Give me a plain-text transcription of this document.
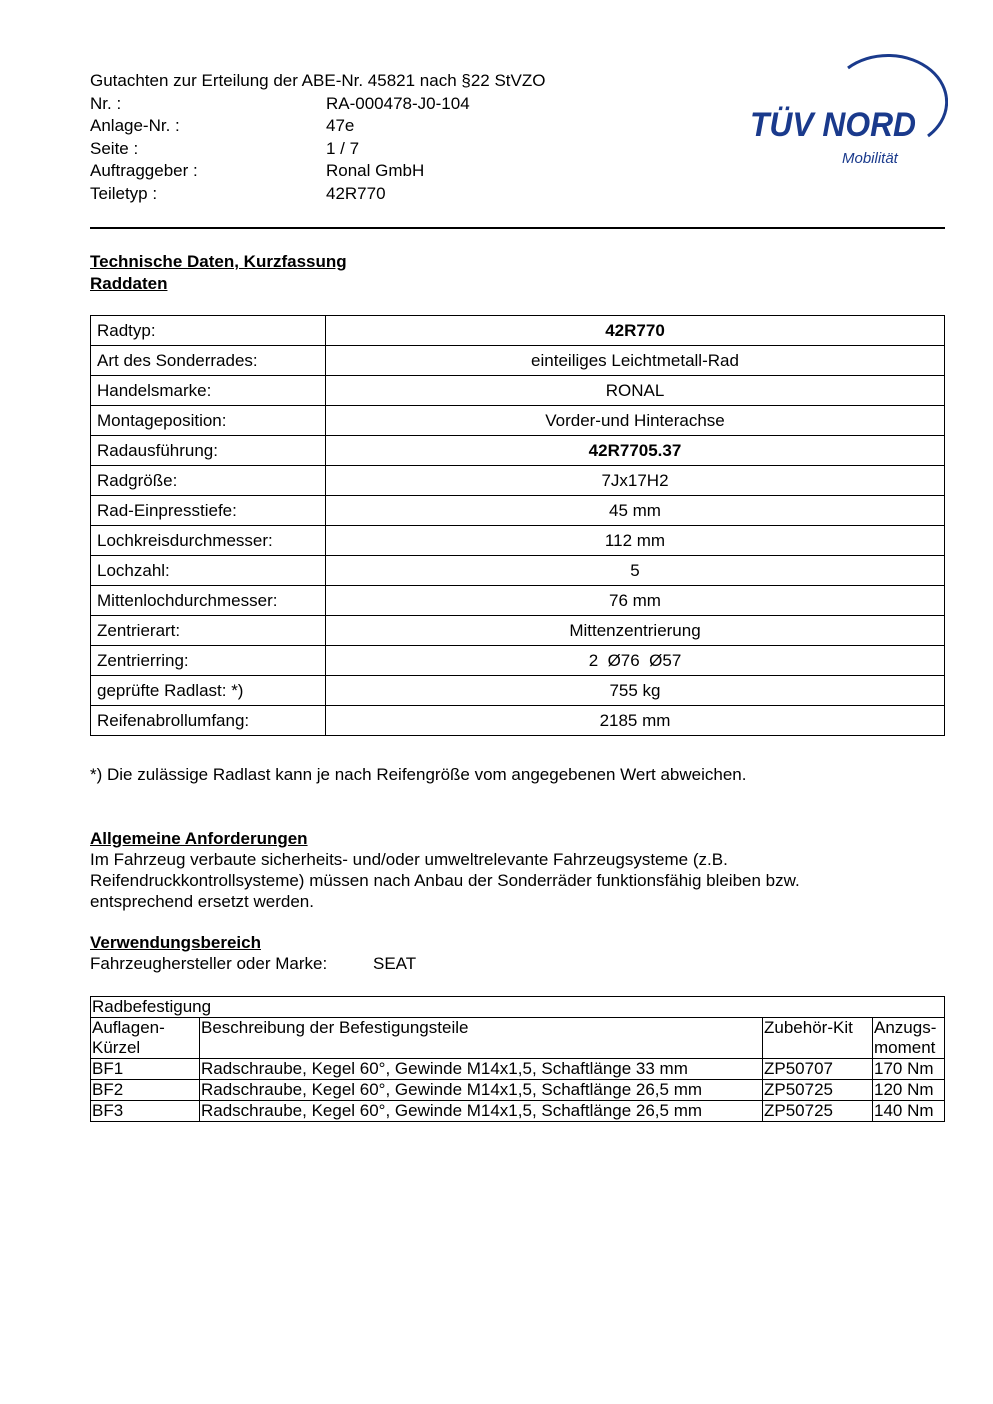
Gutachten zur Erteilung der ABE-Nr. 45821 nach §22 StVZO
Nr. :	RA-000478-J0-104
Anlage-Nr. :	47e
Seite :	1 / 7
Auftraggeber :	Ronal GmbH
Teiletyp :	42R770
TÜV NORD
Mobilität
Technische Daten, Kurzfassung
Raddaten
Radtyp:	42R770
Art des Sonderrades:	einteiliges Leichtmetall-Rad
Handelsmarke:	RONAL
Montageposition:	Vorder-und Hinterachse
Radausführung:	42R7705.37
Radgröße:	7Jx17H2
Rad-Einpresstiefe:	45 mm
Lochkreisdurchmesser:	112 mm
Lochzahl:	5
Mittenlochdurchmesser:	76 mm
Zentrierart:	Mittenzentrierung
Zentrierring:	2  Ø76  Ø57
geprüfte Radlast: *)	755 kg
Reifenabrollumfang:	2185 mm
*) Die zulässige Radlast kann je nach Reifengröße vom angegebenen Wert abweichen.
Allgemeine Anforderungen
Im Fahrzeug verbaute sicherheits- und/oder umweltrelevante Fahrzeugsysteme (z.B.
Reifendruckkontrollsysteme) müssen nach Anbau der Sonderräder funktionsfähig bleiben bzw.
entsprechend ersetzt werden.
Verwendungsbereich
Fahrzeughersteller oder Marke:	SEAT
Radbefestigung			
Auflagen-
Kürzel	Beschreibung der Befestigungsteile	Zubehör-Kit	Anzugs-
moment
BF1	Radschraube, Kegel 60°, Gewinde M14x1,5, Schaftlänge 33 mm	ZP50707	170 Nm
BF2	Radschraube, Kegel 60°, Gewinde M14x1,5, Schaftlänge 26,5 mm	ZP50725	120 Nm
BF3	Radschraube, Kegel 60°, Gewinde M14x1,5, Schaftlänge 26,5 mm	ZP50725	140 Nm
